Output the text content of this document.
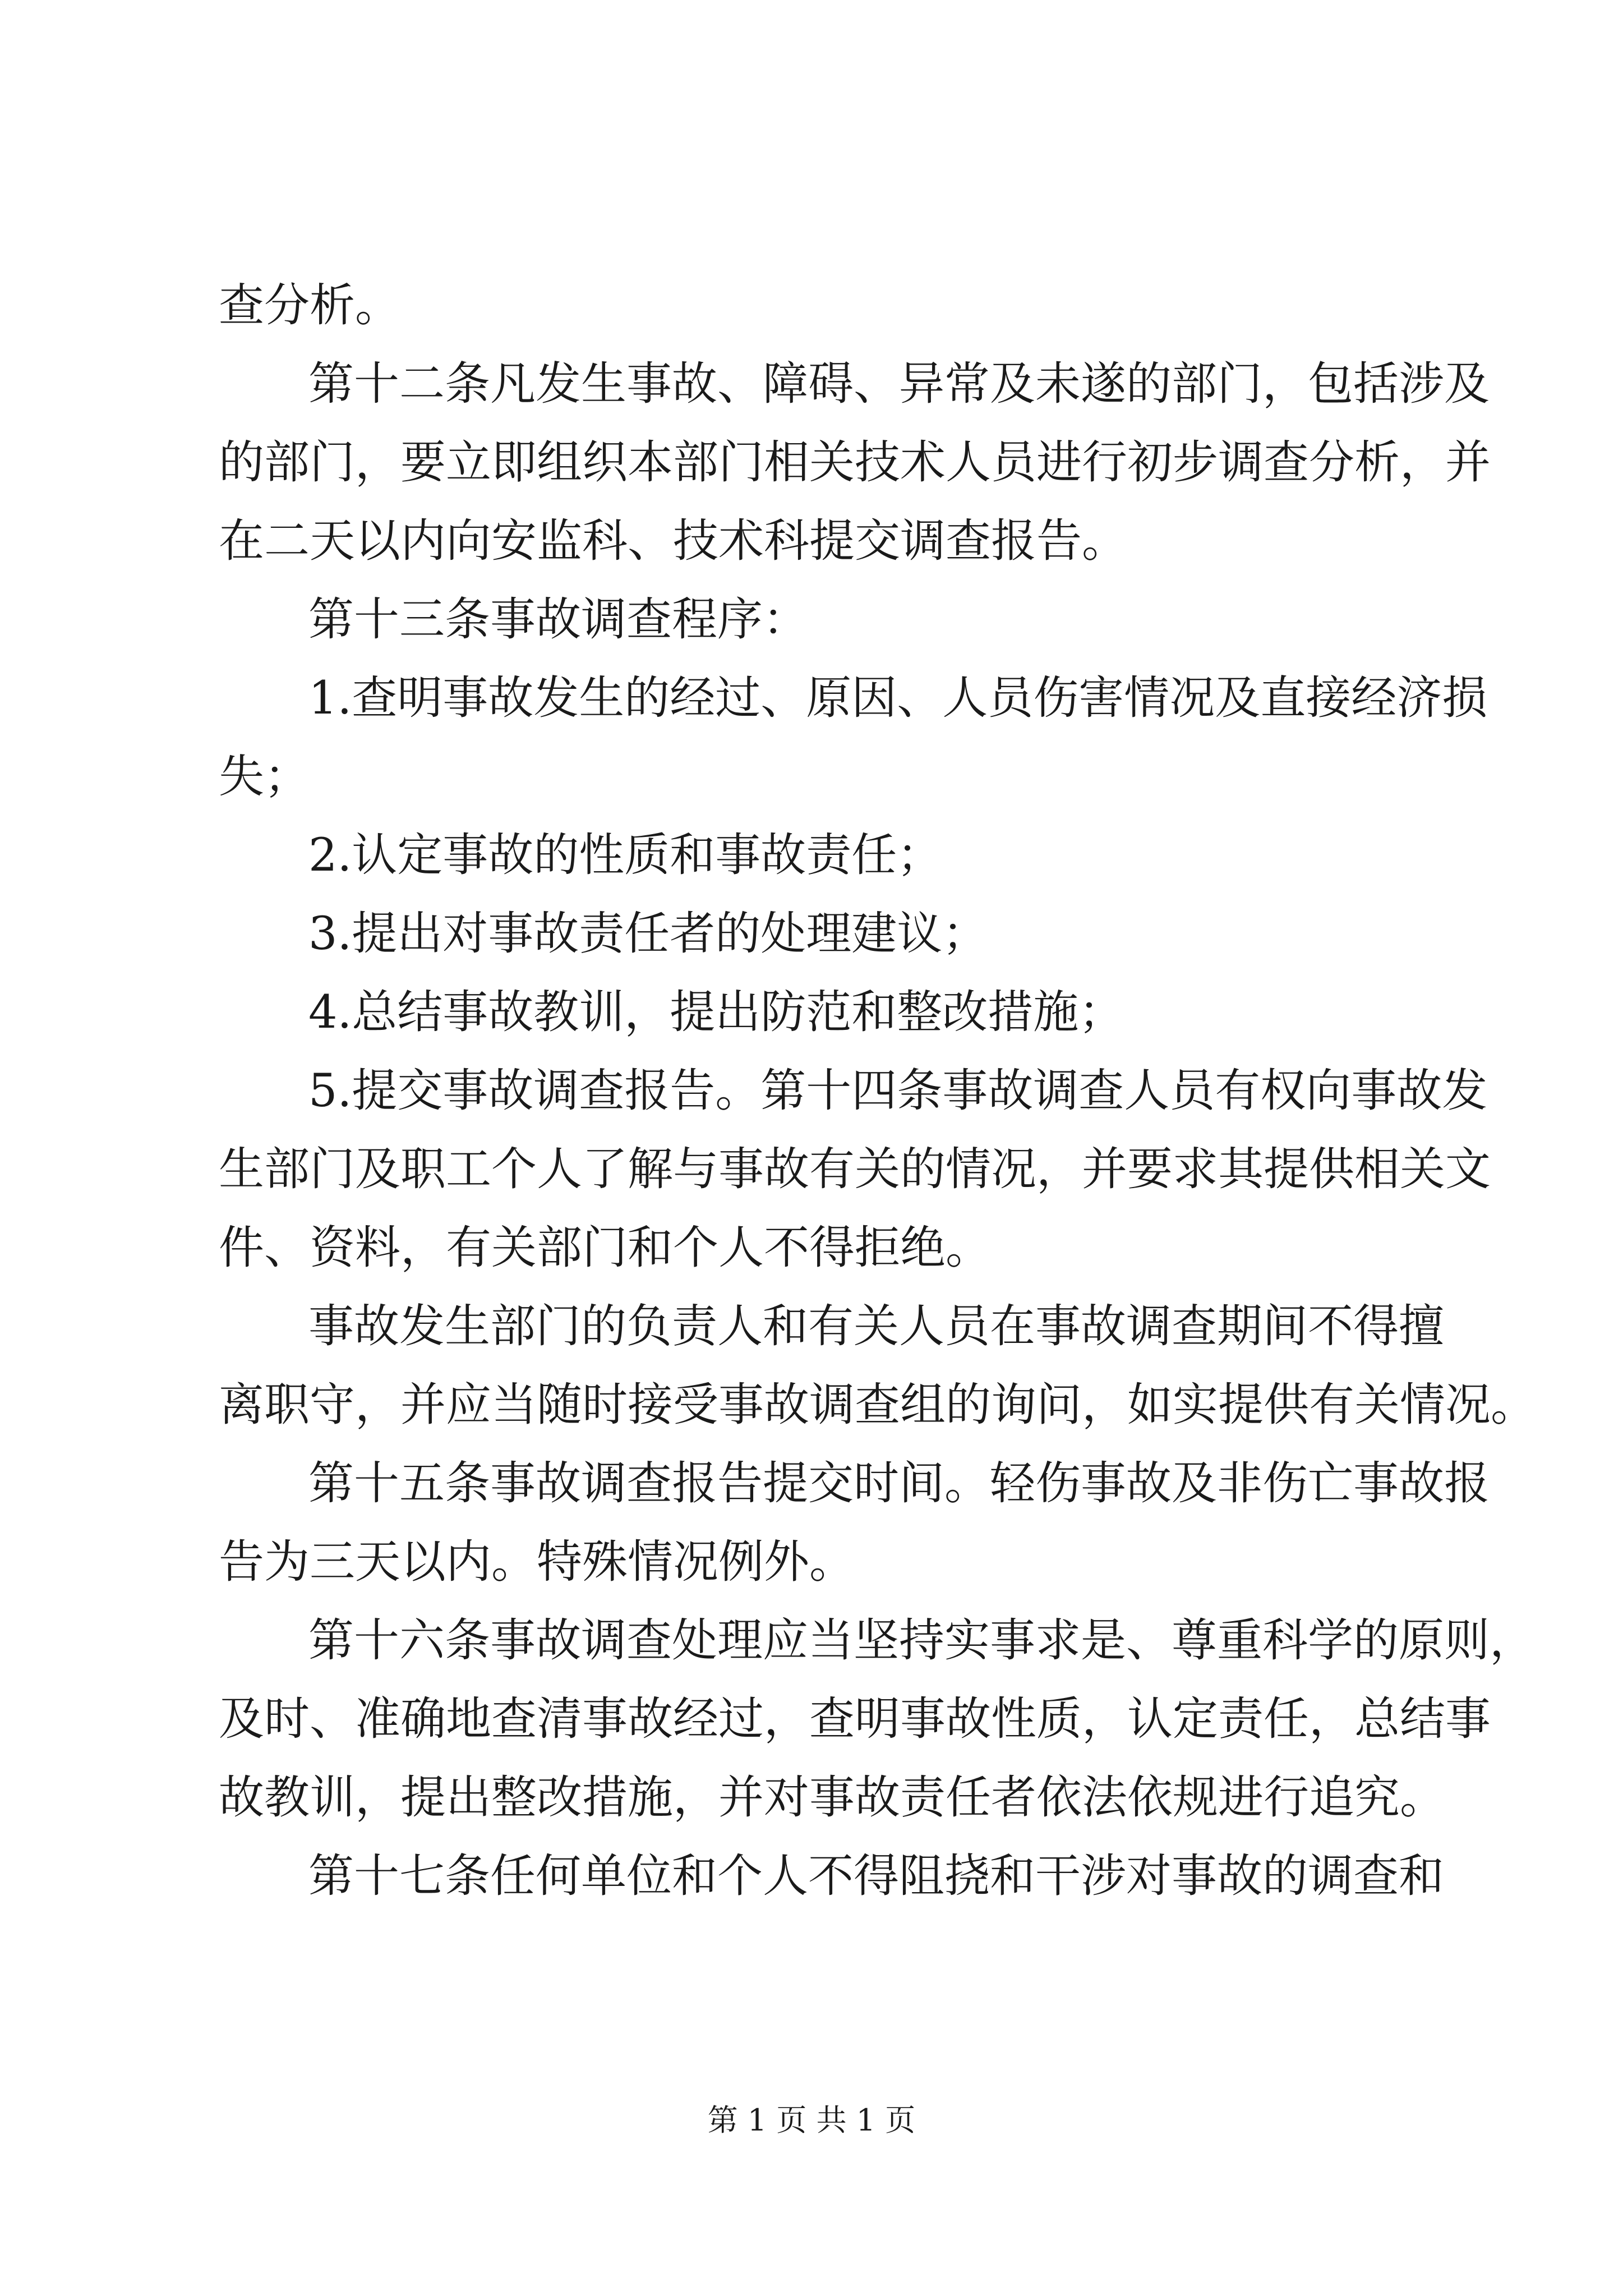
查分析。
第十二条凡发生事故、障碍、异常及未遂的部门，包括涉及
的部门，要立即组织本部门相关技术人员进行初步调查分析，并
在二天以内向安监科、技术科提交调查报告。
第十三条事故调查程序：
1.查明事故发生的经过、原因、人员伤害情况及直接经济损
失；
2.认定事故的性质和事故责任；
3.提出对事故责任者的处理建议；
4.总结事故教训，提出防范和整改措施；
5.提交事故调查报告。第十四条事故调查人员有权向事故发
生部门及职工个人了解与事故有关的情况，并要求其提供相关文
件、资料，有关部门和个人不得拒绝。
事故发生部门的负责人和有关人员在事故调查期间不得擅
离职守，并应当随时接受事故调查组的询问，如实提供有关情况。
第十五条事故调查报告提交时间。轻伤事故及非伤亡事故报
告为三天以内。特殊情况例外。
第十六条事故调查处理应当坚持实事求是、尊重科学的原则，
及时、准确地查清事故经过，查明事故性质，认定责任，总结事
故教训，提出整改措施，并对事故责任者依法依规进行追究。
第十七条任何单位和个人不得阻挠和干涉对事故的调查和
第 1 页 共 1 页
